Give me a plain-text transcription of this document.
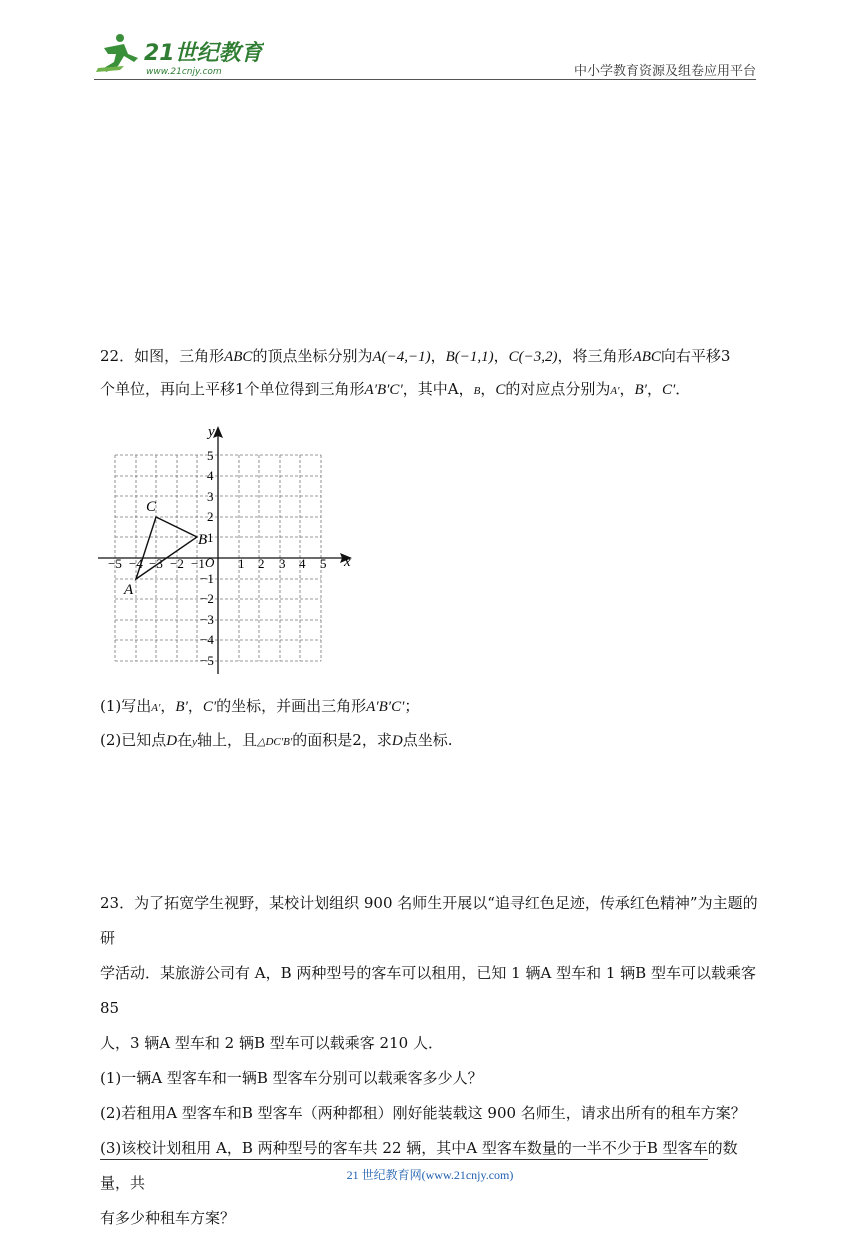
21世纪教育
www.21cnjy.com	中小学教育资源及组卷应用平台

22．如图，三角形ABC的顶点坐标分别为A(−4,−1)，B(−1,1)，C(−3,2)，将三角形ABC向右平移3

个单位，再向上平移1个单位得到三角形A′B′C′，其中A，B，C的对应点分别为A′，B′，C′．

y
x
O
−5 −4 −3 −2 −1	1 2 3 4 5
1
2
3
4
5
−1
−2
−3
−4
−5
A
B
C

(1)写出A′，B′，C′的坐标，并画出三角形A′B′C′；

(2)已知点D在y轴上，且△DC′B′的面积是2，求D点坐标.

23．为了拓宽学生视野，某校计划组织 900 名师生开展以“追寻红色足迹，传承红色精神”为主题的研

学活动．某旅游公司有 A，B 两种型号的客车可以租用，已知 1 辆A 型车和 1 辆B 型车可以载乘客 85

人，3 辆A 型车和 2 辆B 型车可以载乘客 210 人．

(1)一辆A 型客车和一辆B 型客车分别可以载乘客多少人？

(2)若租用A 型客车和B 型客车（两种都租）刚好能装载这 900 名师生，请求出所有的租车方案？

(3)该校计划租用 A，B 两种型号的客车共 22 辆，其中A 型客车数量的一半不少于B 型客车的数量，共

有多少种租车方案？

21 世纪教育网(www.21cnjy.com)
